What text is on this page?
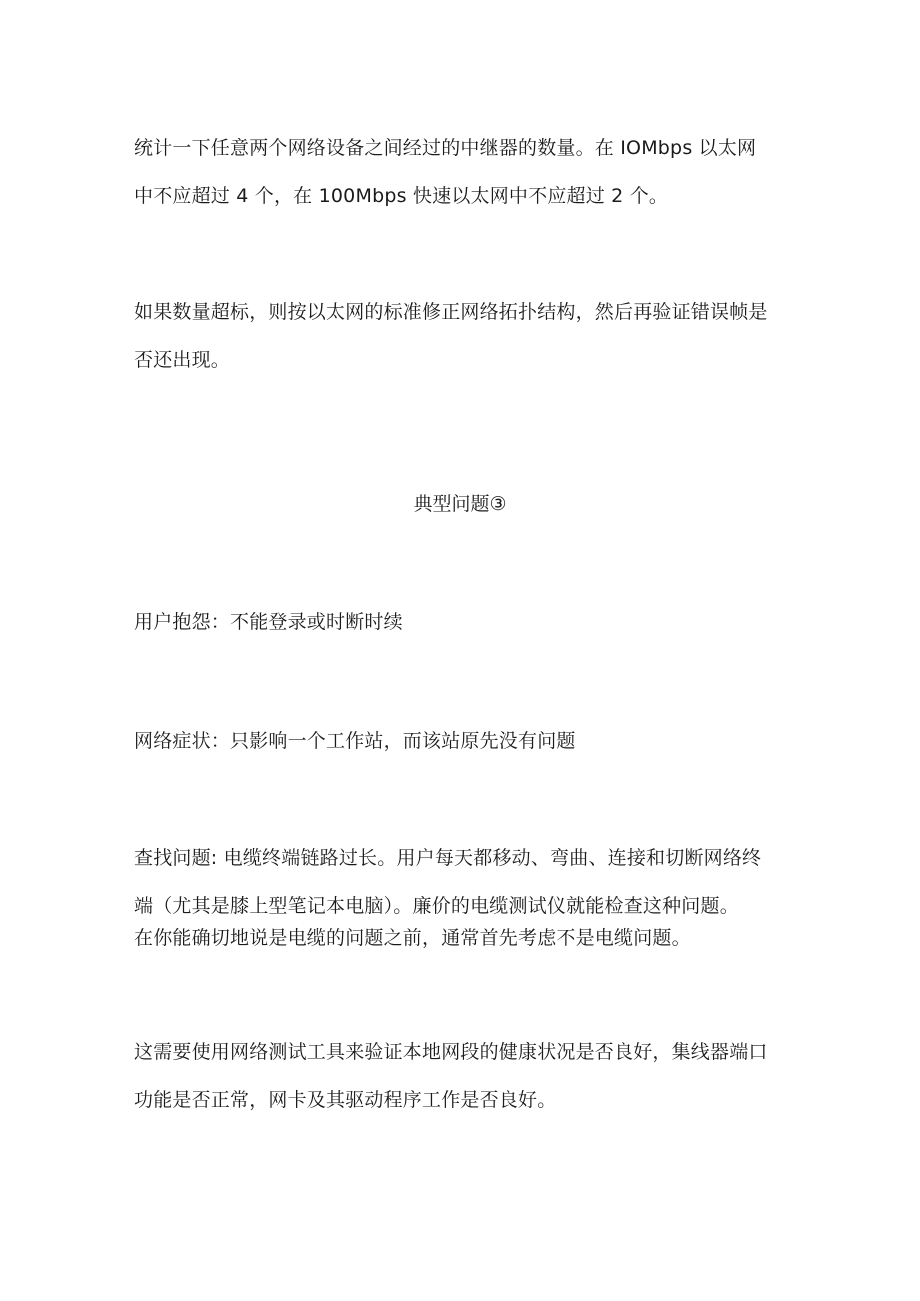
统计一下任意两个网络设备之间经过的中继器的数量。在 IOMbps 以太网
中不应超过 4 个，在 100Mbps 快速以太网中不应超过 2 个。
如果数量超标，则按以太网的标准修正网络拓扑结构，然后再验证错误帧是
否还出现。
典型问题③
用户抱怨：不能登录或时断时续
网络症状：只影响一个工作站，而该站原先没有问题
查找问题: 电缆终端链路过长。用户每天都移动、弯曲、连接和切断网络终
端（尤其是膝上型笔记本电脑）。廉价的电缆测试仪就能检查这种问题。
在你能确切地说是电缆的问题之前，通常首先考虑不是电缆问题。
这需要使用网络测试工具来验证本地网段的健康状况是否良好，集线器端口
功能是否正常，网卡及其驱动程序工作是否良好。
